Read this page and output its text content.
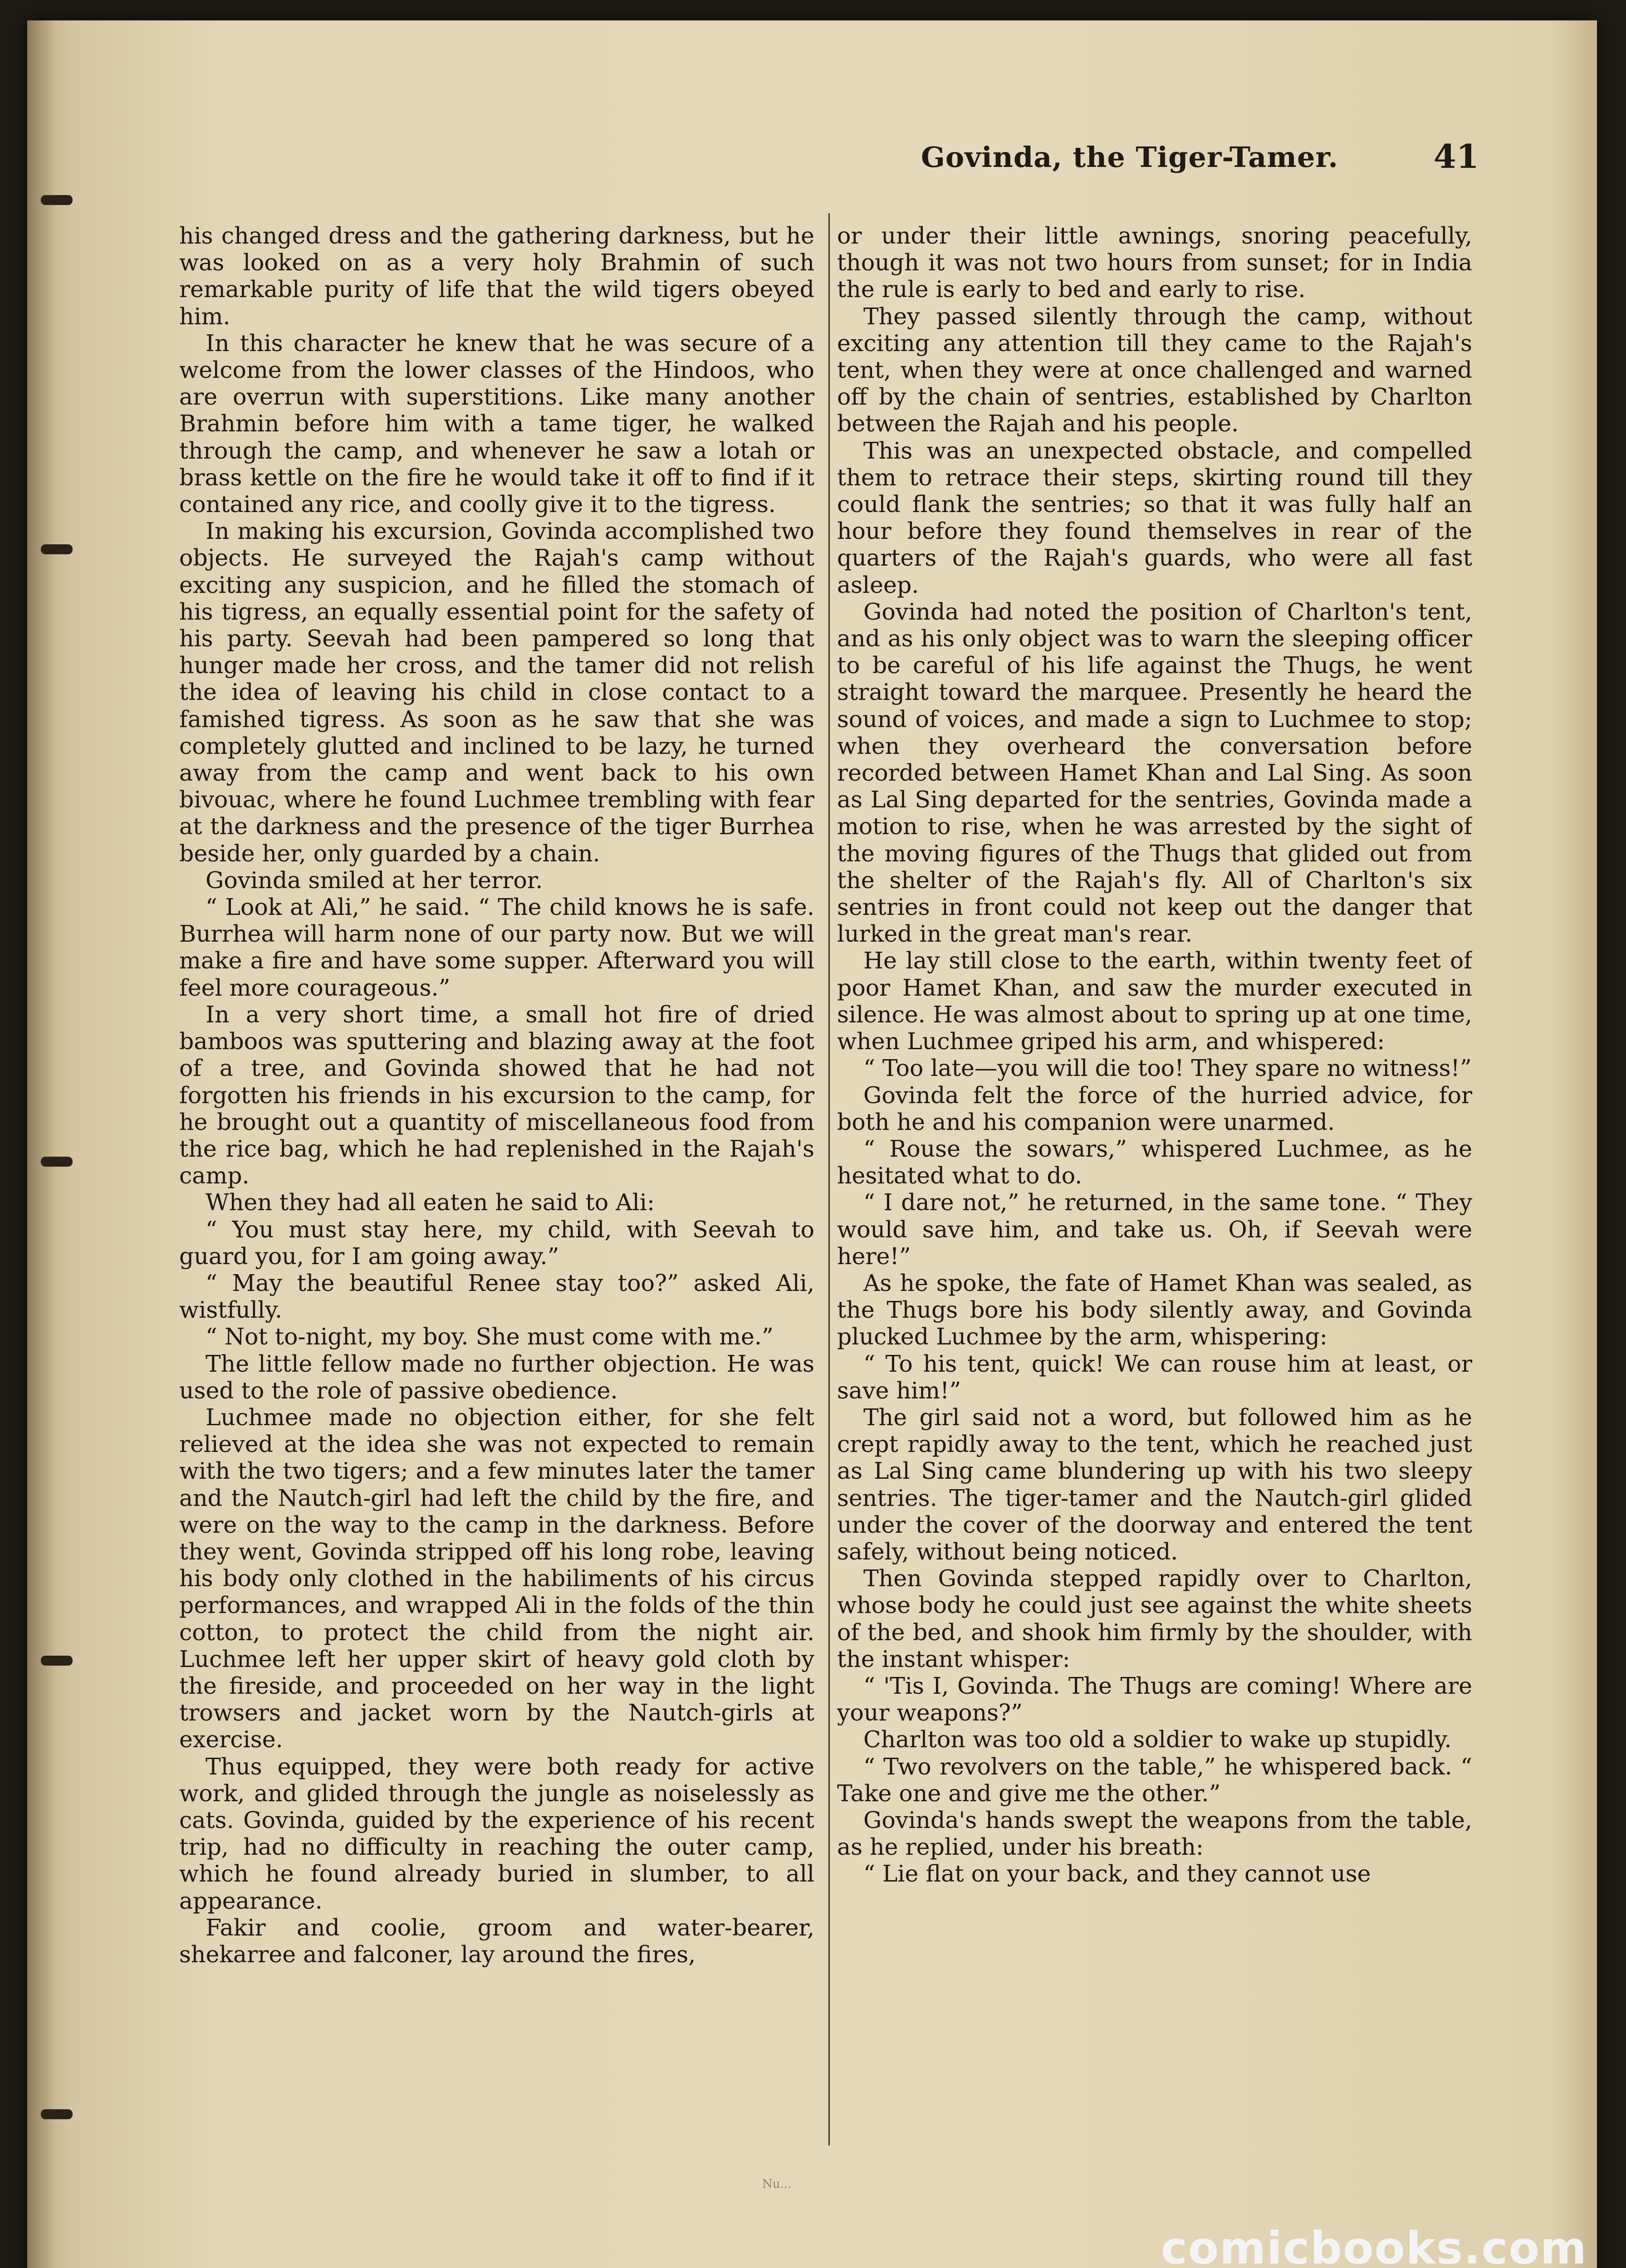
Govinda, the Tiger-Tamer.	41

his changed dress and the gathering darkness, but he was looked on as a very holy Brahmin of such remarkable purity of life that the wild tigers obeyed him.

In this character he knew that he was secure of a welcome from the lower classes of the Hindoos, who are overrun with superstitions. Like many another Brahmin before him with a tame tiger, he walked through the camp, and whenever he saw a lotah or brass kettle on the fire he would take it off to find if it contained any rice, and coolly give it to the tigress.

In making his excursion, Govinda accomplished two objects. He surveyed the Rajah's camp without exciting any suspicion, and he filled the stomach of his tigress, an equally essential point for the safety of his party. Seevah had been pampered so long that hunger made her cross, and the tamer did not relish the idea of leaving his child in close contact to a famished tigress. As soon as he saw that she was completely glutted and inclined to be lazy, he turned away from the camp and went back to his own bivouac, where he found Luchmee trembling with fear at the darkness and the presence of the tiger Burrhea beside her, only guarded by a chain.

Govinda smiled at her terror.

“ Look at Ali,” he said. “ The child knows he is safe. Burrhea will harm none of our party now. But we will make a fire and have some supper. Afterward you will feel more courageous.”

In a very short time, a small hot fire of dried bamboos was sputtering and blazing away at the foot of a tree, and Govinda showed that he had not forgotten his friends in his excursion to the camp, for he brought out a quantity of miscellaneous food from the rice bag, which he had replenished in the Rajah's camp.

When they had all eaten he said to Ali:

“ You must stay here, my child, with Seevah to guard you, for I am going away.”

“ May the beautiful Renee stay too?” asked Ali, wistfully.

“ Not to-night, my boy. She must come with me.”

The little fellow made no further objection. He was used to the role of passive obedience.

Luchmee made no objection either, for she felt relieved at the idea she was not expected to remain with the two tigers; and a few minutes later the tamer and the Nautch-girl had left the child by the fire, and were on the way to the camp in the darkness. Before they went, Govinda stripped off his long robe, leaving his body only clothed in the habiliments of his circus performances, and wrapped Ali in the folds of the thin cotton, to protect the child from the night air. Luchmee left her upper skirt of heavy gold cloth by the fireside, and proceeded on her way in the light trowsers and jacket worn by the Nautch-girls at exercise.

Thus equipped, they were both ready for active work, and glided through the jungle as noiselessly as cats. Govinda, guided by the experience of his recent trip, had no difficulty in reaching the outer camp, which he found already buried in slumber, to all appearance.

Fakir and coolie, groom and water-bearer, shekarree and falconer, lay around the fires,

or under their little awnings, snoring peacefully, though it was not two hours from sunset; for in India the rule is early to bed and early to rise.

They passed silently through the camp, without exciting any attention till they came to the Rajah's tent, when they were at once challenged and warned off by the chain of sentries, established by Charlton between the Rajah and his people.

This was an unexpected obstacle, and compelled them to retrace their steps, skirting round till they could flank the sentries; so that it was fully half an hour before they found themselves in rear of the quarters of the Rajah's guards, who were all fast asleep.

Govinda had noted the position of Charlton's tent, and as his only object was to warn the sleeping officer to be careful of his life against the Thugs, he went straight toward the marquee. Presently he heard the sound of voices, and made a sign to Luchmee to stop; when they overheard the conversation before recorded between Hamet Khan and Lal Sing. As soon as Lal Sing departed for the sentries, Govinda made a motion to rise, when he was arrested by the sight of the moving figures of the Thugs that glided out from the shelter of the Rajah's fly. All of Charlton's six sentries in front could not keep out the danger that lurked in the great man's rear.

He lay still close to the earth, within twenty feet of poor Hamet Khan, and saw the murder executed in silence. He was almost about to spring up at one time, when Luchmee griped his arm, and whispered:

“ Too late—you will die too! They spare no witness!”

Govinda felt the force of the hurried advice, for both he and his companion were unarmed.

“ Rouse the sowars,” whispered Luchmee, as he hesitated what to do.

“ I dare not,” he returned, in the same tone. “ They would save him, and take us. Oh, if Seevah were here!”

As he spoke, the fate of Hamet Khan was sealed, as the Thugs bore his body silently away, and Govinda plucked Luchmee by the arm, whispering:

“ To his tent, quick! We can rouse him at least, or save him!”

The girl said not a word, but followed him as he crept rapidly away to the tent, which he reached just as Lal Sing came blundering up with his two sleepy sentries. The tiger-tamer and the Nautch-girl glided under the cover of the doorway and entered the tent safely, without being noticed.

Then Govinda stepped rapidly over to Charlton, whose body he could just see against the white sheets of the bed, and shook him firmly by the shoulder, with the instant whisper:

“ 'Tis I, Govinda. The Thugs are coming! Where are your weapons?”

Charlton was too old a soldier to wake up stupidly.

“ Two revolvers on the table,” he whispered back. “ Take one and give me the other.”

Govinda's hands swept the weapons from the table, as he replied, under his breath:

“ Lie flat on your back, and they cannot use

Nu...
comicbooks.com
